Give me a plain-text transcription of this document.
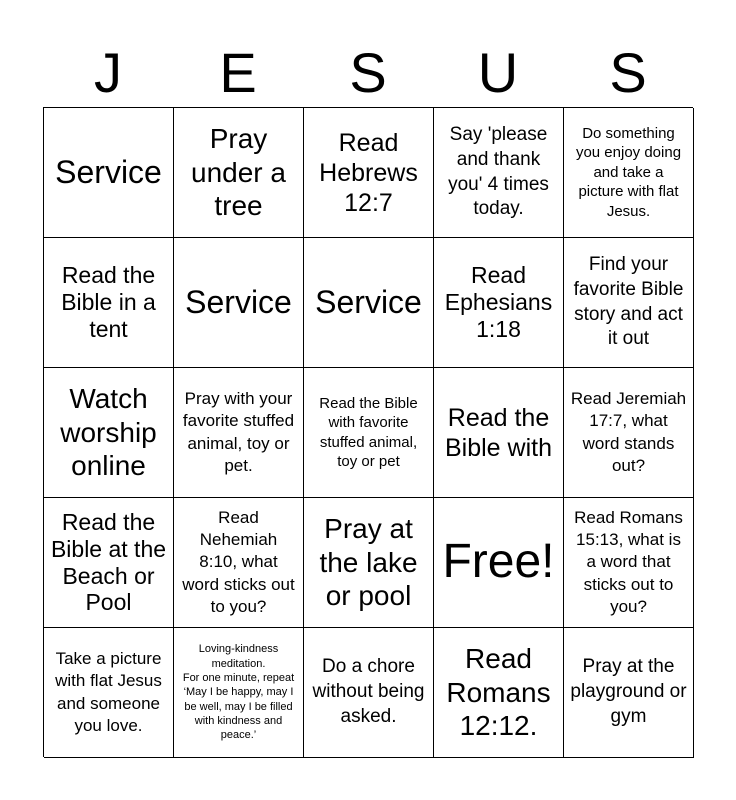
J	E	S	U	S
Service
Pray under a tree
Read Hebrews 12:7
Say 'please and thank you' 4 times today.
Do something you enjoy doing and take a picture with flat Jesus.
Read the Bible in a tent
Service Service
Read Ephesians 1:18
Find your favorite Bible story and act it out
Watch worship online
Pray with your favorite stuffed animal, toy or pet.
Read the Bible with favorite stuffed animal, toy or pet
Read the Bible with
Read Jeremiah 17:7, what word stands out?
Read the Bible at the Beach or Pool
Read Nehemiah 8:10, what word sticks out to you?
Pray at the lake or pool
Free!
Read Romans 15:13, what is a word that sticks out to you?
Take a picture with flat Jesus and someone you love.
Loving-kindness meditation.
For one minute, repeat ‘May I be happy, may I be well, may I be filled with kindness and peace.’
Do a chore without being asked.
Read Romans 12:12.
Pray at the playground or gym
